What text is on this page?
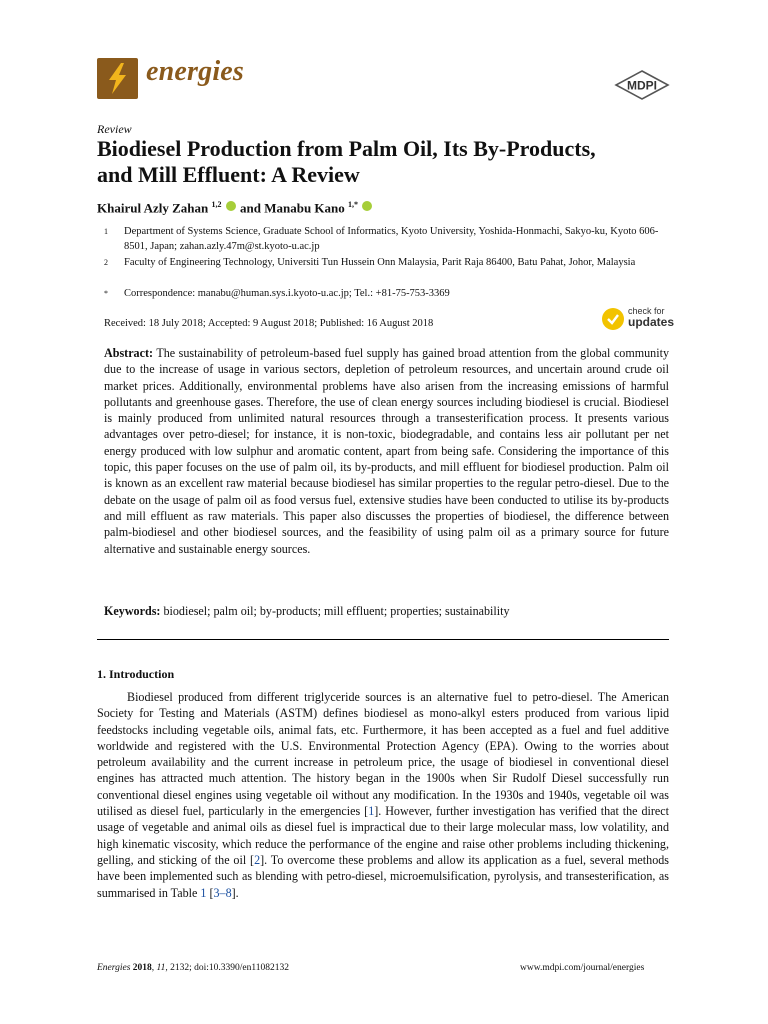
energies	MDPI
Review
Biodiesel Production from Palm Oil, Its By-Products,
and Mill Effluent: A Review
Khairul Azly Zahan $^{1,2}$ and Manabu Kano $^{1,*}$
1 Department of Systems Science, Graduate School of Informatics, Kyoto University, Yoshida-Honmachi, Sakyo-ku, Kyoto 606-8501, Japan; zahan.azly.47m@st.kyoto-u.ac.jp
2 Faculty of Engineering Technology, Universiti Tun Hussein Onn Malaysia, Parit Raja 86400, Batu Pahat, Johor, Malaysia
* Correspondence: manabu@human.sys.i.kyoto-u.ac.jp; Tel.: +81-75-753-3369
Received: 18 July 2018; Accepted: 9 August 2018; Published: 16 August 2018
check for
updates
Abstract: The sustainability of petroleum-based fuel supply has gained broad attention from the global community due to the increase of usage in various sectors, depletion of petroleum resources, and uncertain around crude oil market prices. Additionally, environmental problems have also arisen from the increasing emissions of harmful pollutants and greenhouse gases. Therefore, the use of clean energy sources including biodiesel is crucial. Biodiesel is mainly produced from unlimited natural resources through a transesterification process. It presents various advantages over petro-diesel; for instance, it is non-toxic, biodegradable, and contains less air pollutant per net energy produced with low sulphur and aromatic content, apart from being safe. Considering the importance of this topic, this paper focuses on the use of palm oil, its by-products, and mill effluent for biodiesel production. Palm oil is known as an excellent raw material because biodiesel has similar properties to the regular petro-diesel. Due to the debate on the usage of palm oil as food versus fuel, extensive studies have been conducted to utilise its by-products and mill effluent as raw materials. This paper also discusses the properties of biodiesel, the difference between palm-biodiesel and other biodiesel sources, and the feasibility of using palm oil as a primary source for future alternative and sustainable energy sources.
Keywords: biodiesel; palm oil; by-products; mill effluent; properties; sustainability
1. Introduction
Biodiesel produced from different triglyceride sources is an alternative fuel to petro-diesel. The American Society for Testing and Materials (ASTM) defines biodiesel as mono-alkyl esters produced from various lipid feedstocks including vegetable oils, animal fats, etc. Furthermore, it has been accepted as a fuel and fuel additive worldwide and registered with the U.S. Environmental Protection Agency (EPA). Owing to the worries about petroleum availability and the current increase in petroleum price, the usage of biodiesel in conventional diesel engines has attracted much attention. The history began in the 1900s when Sir Rudolf Diesel successfully run conventional diesel engines using vegetable oil without any modification. In the 1930s and 1940s, vegetable oil was utilised as diesel fuel, particularly in the emergencies [1]. However, further investigation has verified that the direct usage of vegetable and animal oils as diesel fuel is impractical due to their large molecular mass, low volatility, and high kinematic viscosity, which reduce the performance of the engine and raise other problems including thickening, gelling, and sticking of the oil [2]. To overcome these problems and allow its application as a fuel, several methods have been implemented such as blending with petro-diesel, microemulsification, pyrolysis, and transesterification, as summarised in Table 1 [3–8].
Energies 2018, 11, 2132; doi:10.3390/en11082132	www.mdpi.com/journal/energies
